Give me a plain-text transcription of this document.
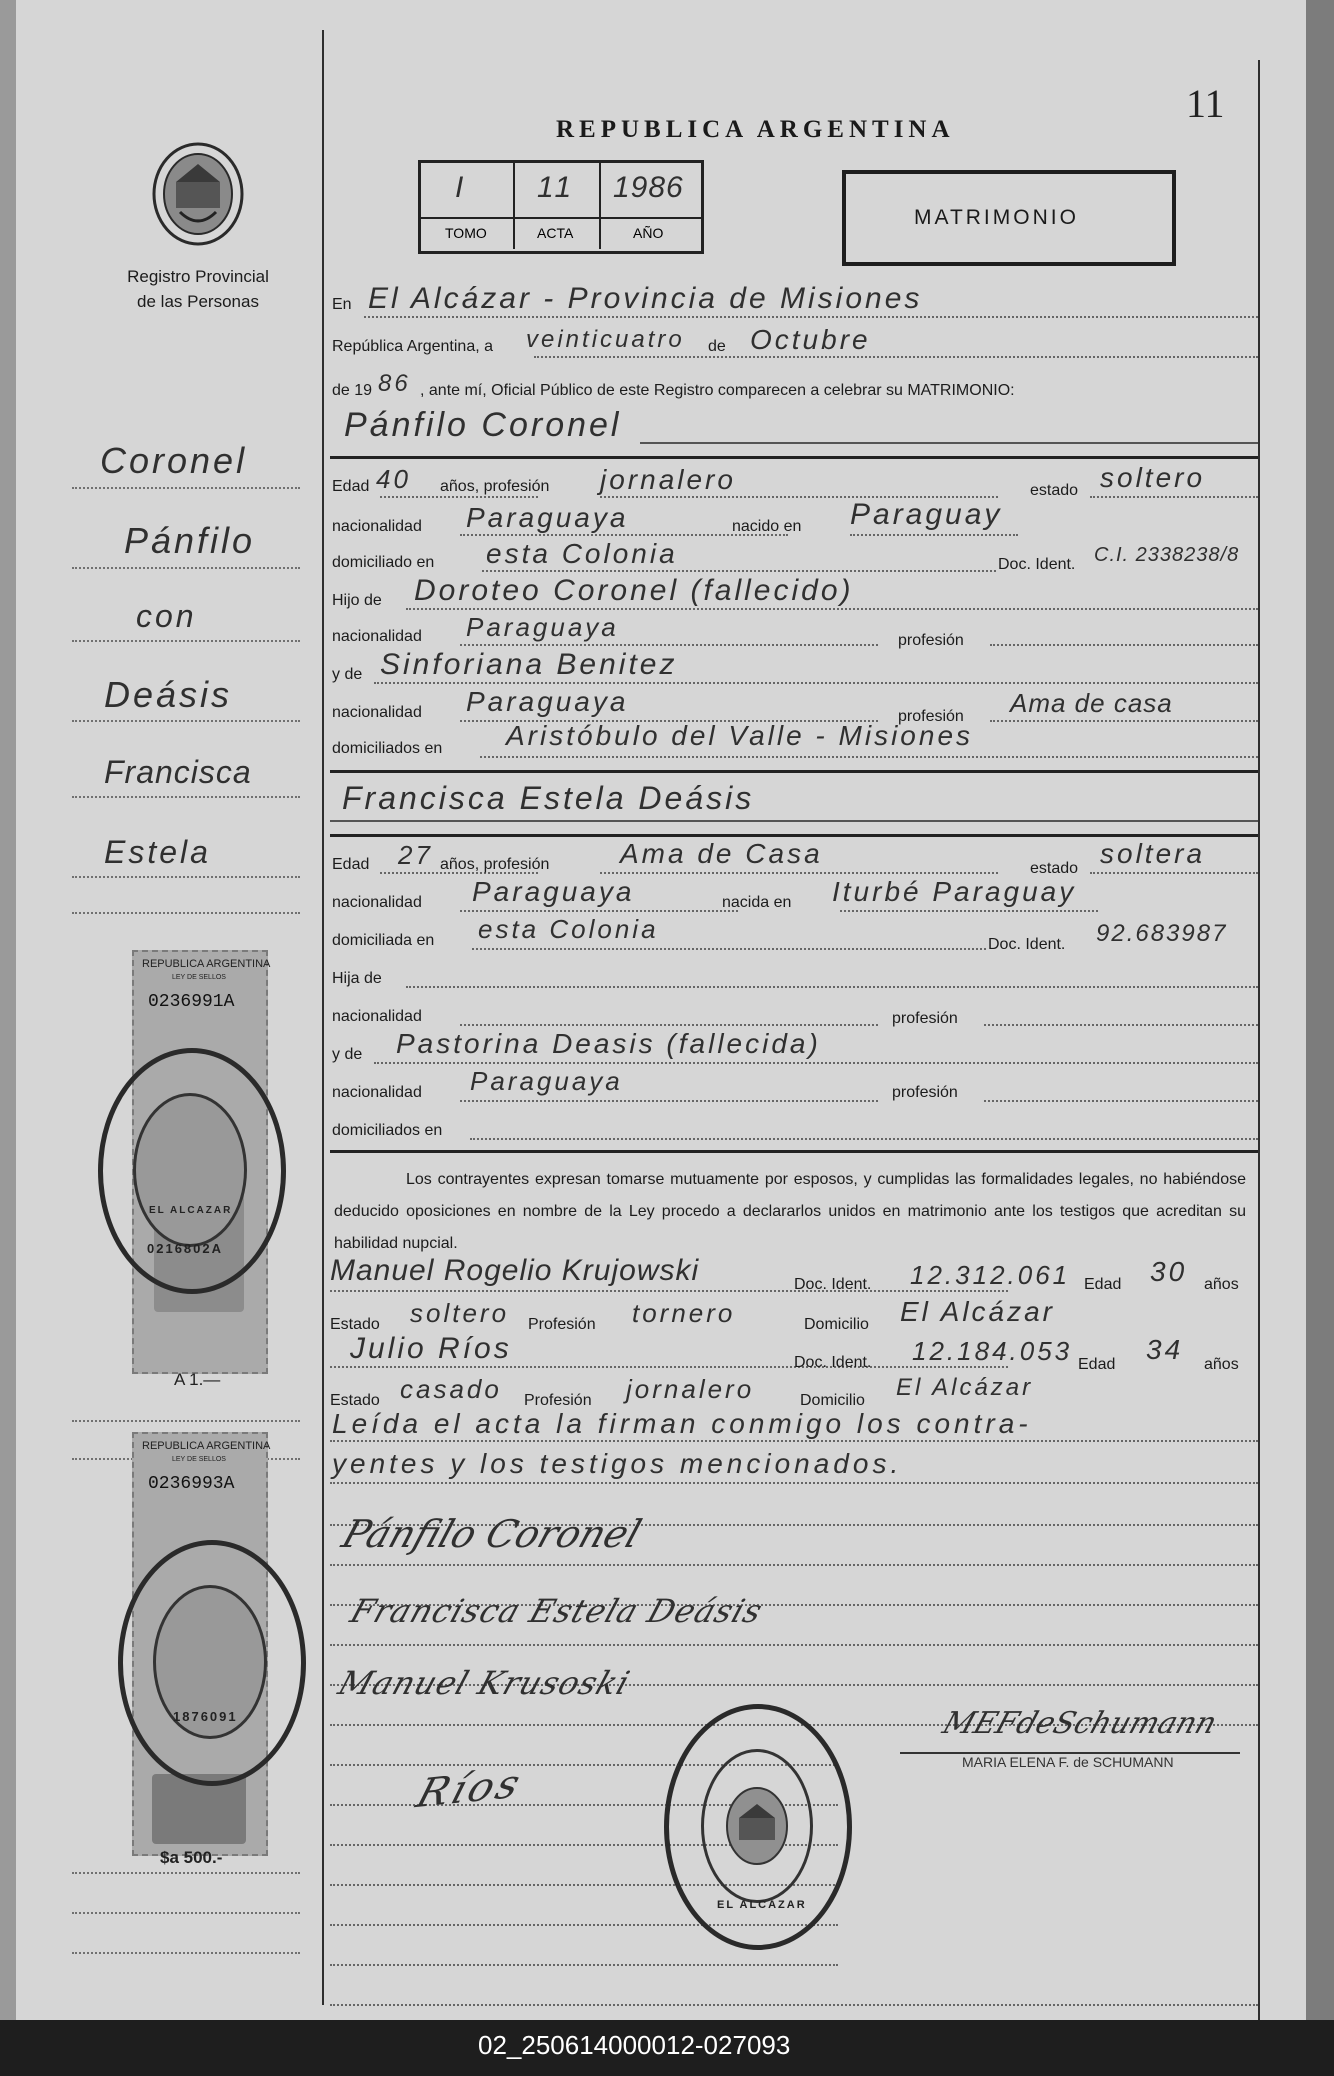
11
REPUBLICA ARGENTINA
I
TOMO
11
ACTA
1986
AÑO
MATRIMONIO
Registro Provincial
de las Personas
Coronel
Pánfilo
con
Deásis
Francisca
Estela
REPUBLICA ARGENTINA
LEY DE SELLOS
0236991A
0216802A
EL ALCAZAR
A 1.—
REPUBLICA ARGENTINA
LEY DE SELLOS
0236993A
1876091
$a 500.-
En El Alcázar - Provincia de Misiones
República Argentina, a veinticuatro de Octubre
de 19 86 , ante mí, Oficial Público de este Registro comparecen a celebrar su MATRIMONIO:
Pánfilo Coronel
Edad 40 años, profesión jornalero	estado soltero
nacionalidad Paraguaya	nacido en Paraguay
domiciliado en esta Colonia	Doc. Ident. C.I. 2338238/8
Hijo de Doroteo Coronel (fallecido)
nacionalidad Paraguaya	profesión
y de Sinforiana Benitez
nacionalidad Paraguaya	profesión Ama de casa
domiciliados en Aristóbulo del Valle - Misiones
Francisca Estela Deásis
Edad 27 años, profesión	Ama de Casa	estado soltera
nacionalidad Paraguaya	nacida en Iturbé Paraguay
domiciliada en esta Colonia
Doc. Ident. 92.683987
Hija de
nacionalidad	profesión
y de Pastorina Deasis (fallecida)
nacionalidad Paraguaya	profesión
domiciliados en
Los contrayentes expresan tomarse mutuamente por esposos, y cumplidas las formalidades legales, no habiéndose deducido oposiciones en nombre de la Ley procedo a declararlos unidos en matrimonio ante los testigos que acreditan su habilidad nupcial.
Manuel Rogelio Krujowski	Doc. Ident. 12.312.061 Edad 30 años
Estado soltero Profesión tornero	Domicilio El Alcázar
Julio Ríos	Doc. Ident. 12.184.053 Edad 34 años
Estado casado Profesión jornalero	Domicilio El Alcázar
Leída el acta la firman conmigo los contra-
yentes y los testigos mencionados.
Pánfilo Coronel
Francisca Estela Deásis
Manuel Krusoski
Ríos
MEFdeSchumann
MARIA ELENA F. de SCHUMANN
EL ALCAZAR
02_250614000012-027093
